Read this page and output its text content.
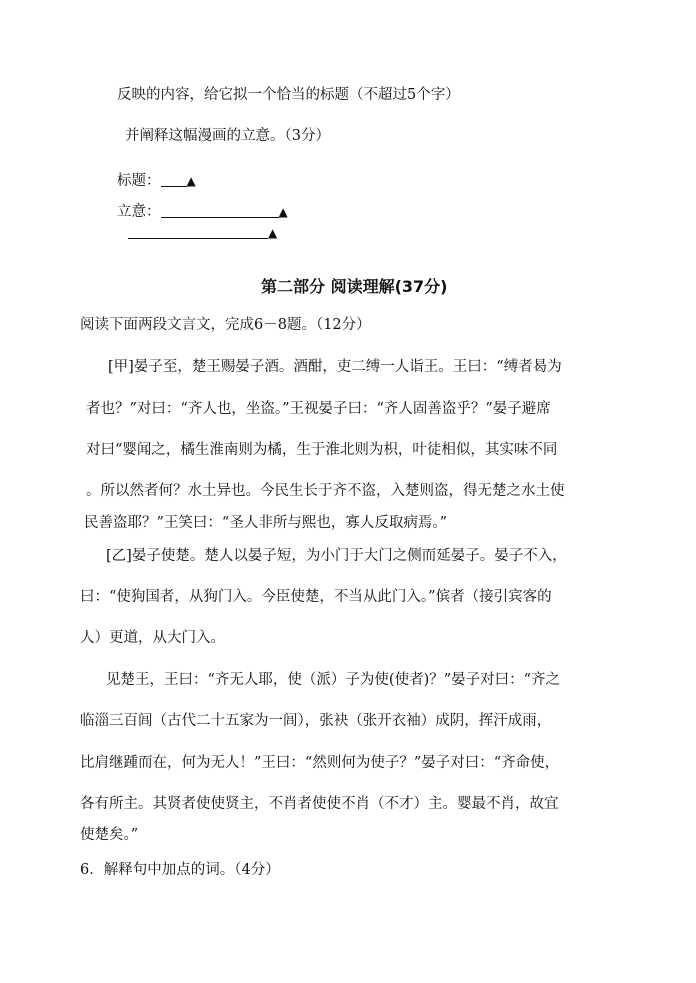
反映的内容，给它拟一个恰当的标题（不超过5个字）
并阐释这幅漫画的立意。（3分）
标题： ▲
立意：	▲
▲
第二部分 阅读理解(37分)
阅读下面两段文言文，完成6－8题。（12分）
[甲]晏子至，楚王赐晏子酒。酒酣，吏二缚一人诣王。王曰：“缚者曷为
者也？”对曰：“齐人也，坐盗。”王视晏子曰：“齐人固善盗乎？”晏子避席
对曰“婴闻之，橘生淮南则为橘，生于淮北则为枳，叶徒相似，其实味不同
。所以然者何？水土异也。今民生长于齐不盗，入楚则盗，得无楚之水土使
民善盗耶？”王笑曰：“圣人非所与熙也，寡人反取病焉。”
[乙]晏子使楚。楚人以晏子短，为小门于大门之侧而延晏子。晏子不入，
曰：“使狗国者，从狗门入。今臣使楚，不当从此门入。”傧者（接引宾客的
人）更道，从大门入。
见楚王，王曰：“齐无人耶，使（派）子为使(使者)？”晏子对曰：“齐之
临淄三百闾（古代二十五家为一闾），张袂（张开衣袖）成阴，挥汗成雨，
比肩继踵而在，何为无人！”王曰：“然则何为使子？”晏子对曰：“齐命使，
各有所主。其贤者使使贤主，不肖者使使不肖（不才）主。婴最不肖，故宜
使楚矣。”
6．解释句中加点的词。（4分）
